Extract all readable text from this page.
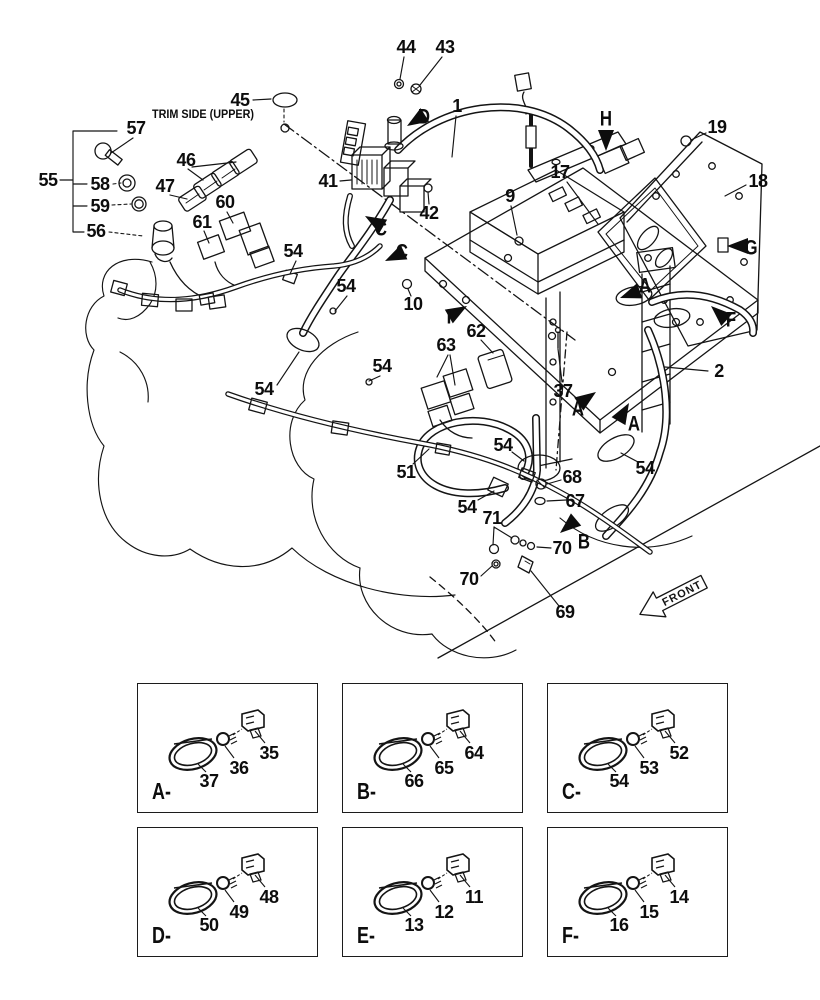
FRONT
TRIM SIDE (UPPER)
44 43
45	1
57	19
46
47
17
55	41	18
58
9
60
59	42
61
56
54
54
10
62
63
54	2
54	37
54
54
51	68
67
54
71
70
70
69
D
C
C
H
G
F
A
A
A
I
B
37
36
35
A-	66
65
64
B-	54
53
52
C-
50
49
48
D-	13
12
11
E-	16
15
14
F-
